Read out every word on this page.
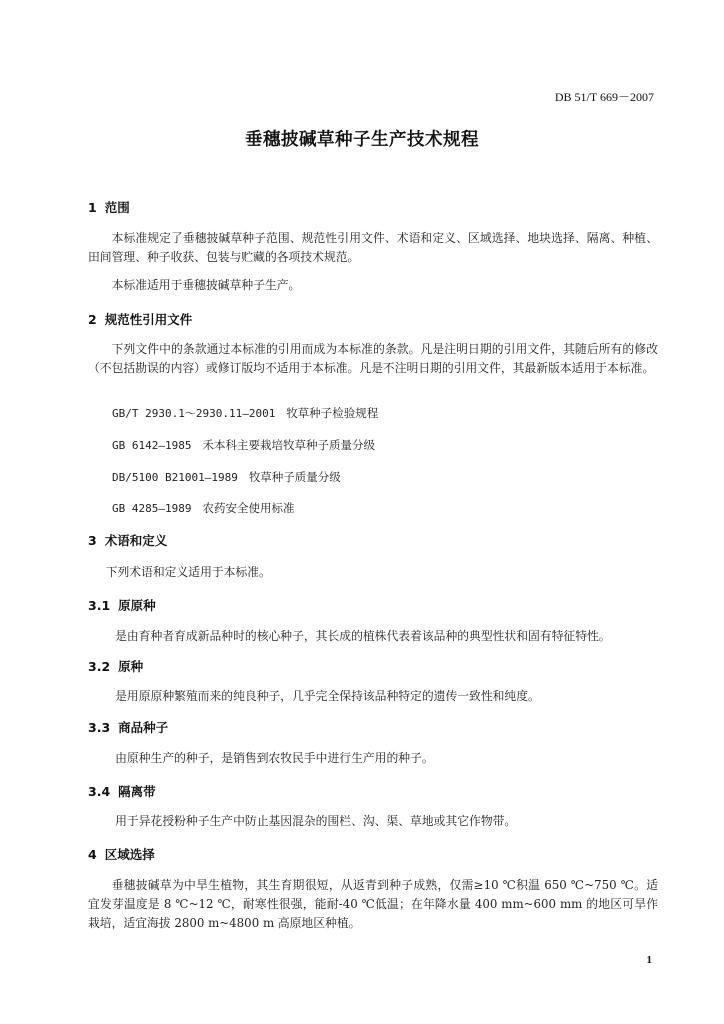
DB 51/T 669－2007
垂穗披碱草种子生产技术规程
1 范围
本标准规定了垂穗披碱草种子范围、规范性引用文件、术语和定义、区域选择、地块选择、隔离、种植、田间管理、种子收获、包装与贮藏的各项技术规范。
本标准适用于垂穗披碱草种子生产。
2 规范性引用文件
下列文件中的条款通过本标准的引用而成为本标准的条款。凡是注明日期的引用文件，其随后所有的修改（不包括勘误的内容）或修订版均不适用于本标准。凡是不注明日期的引用文件，其最新版本适用于本标准。
GB/T 2930.1～2930.11—2001 牧草种子检验规程
GB 6142—1985 禾本科主要栽培牧草种子质量分级
DB/5100 B21001—1989 牧草种子质量分级
GB 4285—1989 农药安全使用标准
3 术语和定义
下列术语和定义适用于本标准。
3.1 原原种
是由育种者育成新品种时的核心种子，其长成的植株代表着该品种的典型性状和固有特征特性。
3.2 原种
是用原原种繁殖而来的纯良种子，几乎完全保持该品种特定的遗传一致性和纯度。
3.3 商品种子
由原种生产的种子，是销售到农牧民手中进行生产用的种子。
3.4 隔离带
用于异花授粉种子生产中防止基因混杂的围栏、沟、渠、草地或其它作物带。
4 区域选择
垂穗披碱草为中旱生植物，其生育期很短，从返青到种子成熟，仅需≥10 ℃积温 650 ℃~750 ℃。适宜发芽温度是 8 ℃~12 ℃，耐寒性很强，能耐-40 ℃低温；在年降水量 400 mm~600 mm 的地区可旱作栽培，适宜海拔 2800 m~4800 m 高原地区种植。
1
